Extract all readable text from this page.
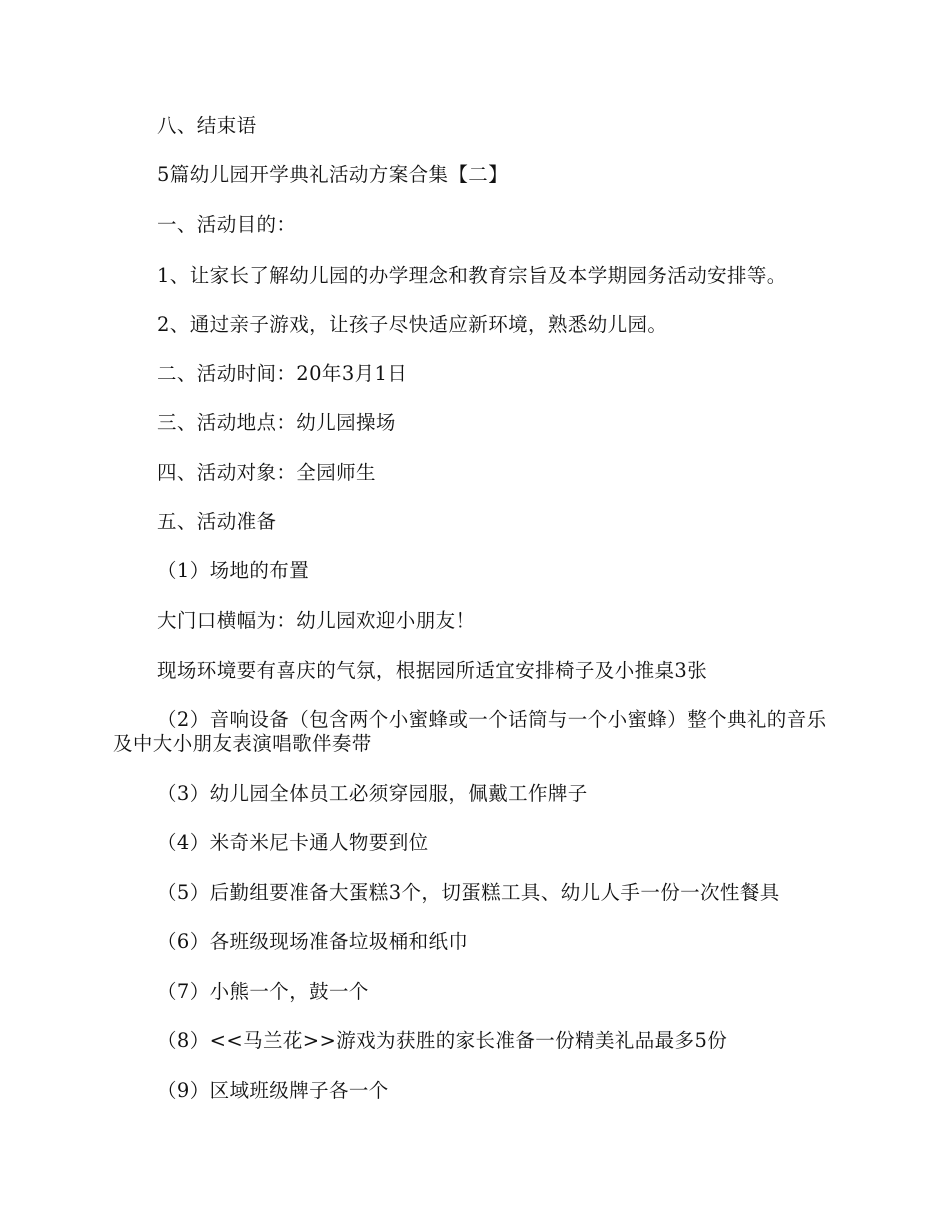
八、结束语
5篇幼儿园开学典礼活动方案合集【二】
一、活动目的：
1、让家长了解幼儿园的办学理念和教育宗旨及本学期园务活动安排等。
2、通过亲子游戏，让孩子尽快适应新环境，熟悉幼儿园。
二、活动时间：20年3月1日
三、活动地点：幼儿园操场
四、活动对象：全园师生
五、活动准备
（1）场地的布置
大门口横幅为：幼儿园欢迎小朋友！
现场环境要有喜庆的气氛，根据园所适宜安排椅子及小推桌3张
（2）音响设备（包含两个小蜜蜂或一个话筒与一个小蜜蜂）整个典礼的音乐及中大小朋友表演唱歌伴奏带
（3）幼儿园全体员工必须穿园服，佩戴工作牌子
（4）米奇米尼卡通人物要到位
（5）后勤组要准备大蛋糕3个，切蛋糕工具、幼儿人手一份一次性餐具
（6）各班级现场准备垃圾桶和纸巾
（7）小熊一个，鼓一个
（8）<<马兰花>>游戏为获胜的家长准备一份精美礼品最多5份
（9）区域班级牌子各一个
